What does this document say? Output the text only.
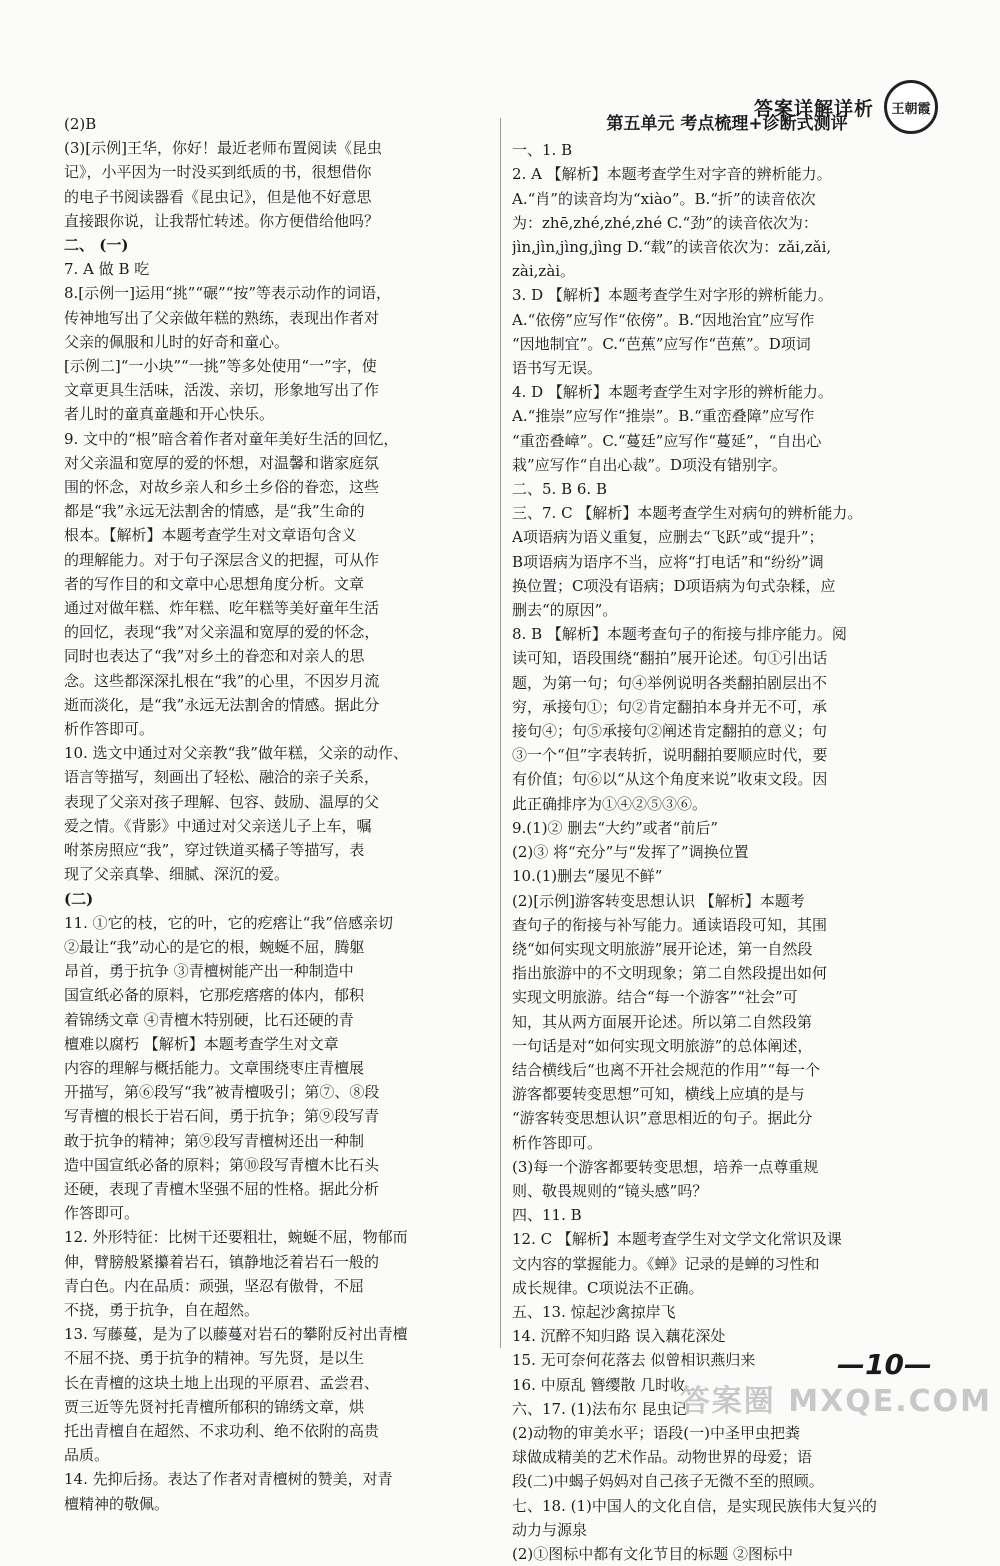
答案详解详析 王朝霞
(2)B
(3)[示例]王华，你好！最近老师布置阅读《昆虫
记》，小平因为一时没买到纸质的书，很想借你
的电子书阅读器看《昆虫记》，但是他不好意思
直接跟你说，让我帮忙转述。你方便借给他吗？
二、 (一)
7. A 做 B 吃
8.[示例一]运用“挑”“碾”“按”等表示动作的词语，
传神地写出了父亲做年糕的熟练，表现出作者对
父亲的佩服和儿时的好奇和童心。
[示例二]“一小块”“一挑”等多处使用“一”字，使
文章更具生活味，活泼、亲切，形象地写出了作
者儿时的童真童趣和开心快乐。
9. 文中的“根”暗含着作者对童年美好生活的回忆，
对父亲温和宽厚的爱的怀想，对温馨和谐家庭氛
围的怀念，对故乡亲人和乡土乡俗的眷恋，这些
都是“我”永远无法割舍的情感，是“我”生命的
根本。【解析】本题考查学生对文章语句含义
的理解能力。对于句子深层含义的把握，可从作
者的写作目的和文章中心思想角度分析。文章
通过对做年糕、炸年糕、吃年糕等美好童年生活
的回忆，表现“我”对父亲温和宽厚的爱的怀念，
同时也表达了“我”对乡土的眷恋和对亲人的思
念。这些都深深扎根在“我”的心里，不因岁月流
逝而淡化，是“我”永远无法割舍的情感。据此分
析作答即可。
10. 选文中通过对父亲教“我”做年糕，父亲的动作、
语言等描写，刻画出了轻松、融洽的亲子关系，
表现了父亲对孩子理解、包容、鼓励、温厚的父
爱之情。《背影》中通过对父亲送儿子上车，嘱
咐茶房照应“我”，穿过铁道买橘子等描写，表
现了父亲真挚、细腻、深沉的爱。
(二)
11. ①它的枝，它的叶，它的疙瘩让“我”倍感亲切
②最让“我”动心的是它的根，蜿蜒不屈，腾躯
昂首，勇于抗争 ③青檀树能产出一种制造中
国宣纸必备的原料，它那疙瘩瘩的体内，郁积
着锦绣文章 ④青檀木特别硬，比石还硬的青
檀难以腐朽 【解析】本题考查学生对文章
内容的理解与概括能力。文章围绕枣庄青檀展
开描写，第⑥段写“我”被青檀吸引；第⑦、⑧段
写青檀的根长于岩石间，勇于抗争；第⑨段写青
敢于抗争的精神；第⑨段写青檀树还出一种制
造中国宣纸必备的原料；第⑩段写青檀木比石头
还硬，表现了青檀木坚强不屈的性格。据此分析
作答即可。
12. 外形特征：比树干还要粗壮，蜿蜒不屈，物郁而
伸，臂膀般紧攥着岩石，镇静地泛着岩石一般的
青白色。内在品质：顽强，坚忍有傲骨，不屈
不挠，勇于抗争，自在超然。
13. 写藤蔓，是为了以藤蔓对岩石的攀附反衬出青檀
不屈不挠、勇于抗争的精神。写先贤，是以生
长在青檀的这块土地上出现的平原君、孟尝君、
贾三近等先贤衬托青檀所郁积的锦绣文章，烘
托出青檀自在超然、不求功利、绝不依附的高贵
品质。
14. 先抑后扬。表达了作者对青檀树的赞美，对青
檀精神的敬佩。
第五单元 考点梳理+诊断式测评
一、1. B
2. A 【解析】本题考查学生对字音的辨析能力。
A.“肖”的读音均为“xiào”。B.“折”的读音依次
为：zhē,zhé,zhé,zhé C.“劲”的读音依次为：
jìn,jìn,jìng,jìng D.“载”的读音依次为：zǎi,zǎi,
zài,zài。
3. D 【解析】本题考查学生对字形的辨析能力。
A.“依傍”应写作“依傍”。B.“因地治宜”应写作
“因地制宜”。C.“芭蕉”应写作“芭蕉”。D项词
语书写无误。
4. D 【解析】本题考查学生对字形的辨析能力。
A.“推崇”应写作“推崇”。B.“重峦叠障”应写作
“重峦叠嶂”。C.“蔓廷”应写作“蔓延”，“自出心
栽”应写作“自出心裁”。D项没有错别字。
二、5. B 6. B
三、7. C 【解析】本题考查学生对病句的辨析能力。
A项语病为语义重复，应删去“飞跃”或“提升”；
B项语病为语序不当，应将“打电话”和“纷纷”调
换位置；C项没有语病；D项语病为句式杂糅，应
删去“的原因”。
8. B 【解析】本题考查句子的衔接与排序能力。阅
读可知，语段围绕“翻拍”展开论述。句①引出话
题，为第一句；句④举例说明各类翻拍剧层出不
穷，承接句①；句②肯定翻拍本身并无不可，承
接句④；句⑤承接句②阐述肯定翻拍的意义；句
③一个“但”字表转折，说明翻拍要顺应时代，要
有价值；句⑥以“从这个角度来说”收束文段。因
此正确排序为①④②⑤③⑥。
9.(1)② 删去“大约”或者“前后”
(2)③ 将“充分”与“发挥了”调换位置
10.(1)删去“屡见不鲜”
(2)[示例]游客转变思想认识 【解析】本题考
查句子的衔接与补写能力。通读语段可知，其围
绕“如何实现文明旅游”展开论述，第一自然段
指出旅游中的不文明现象；第二自然段提出如何
实现文明旅游。结合“每一个游客”“社会”可
知，其从两方面展开论述。所以第二自然段第
一句话是对“如何实现文明旅游”的总体阐述，
结合横线后“也离不开社会规范的作用”“每一个
游客都要转变思想”可知，横线上应填的是与
“游客转变思想认识”意思相近的句子。据此分
析作答即可。
(3)每一个游客都要转变思想，培养一点尊重规
则、敬畏规则的“镜头感”吗？
四、11. B
12. C 【解析】本题考查学生对文学文化常识及课
文内容的掌握能力。《蝉》记录的是蝉的习性和
成长规律。C项说法不正确。
五、13. 惊起沙禽掠岸飞
14. 沉醉不知归路 误入藕花深处
15. 无可奈何花落去 似曾相识燕归来
16. 中原乱 簪缨散 几时收
六、17. (1)法布尔 昆虫记
(2)动物的审美水平；语段(一)中圣甲虫把粪
球做成精美的艺术作品。动物世界的母爱；语
段(二)中蝎子妈妈对自己孩子无微不至的照顾。
七、18. (1)中国人的文化自信，是实现民族伟大复兴的
动力与源泉
(2)①图标中都有文化节目的标题 ②图标中
—10—
答案圈 MXQE.COM
